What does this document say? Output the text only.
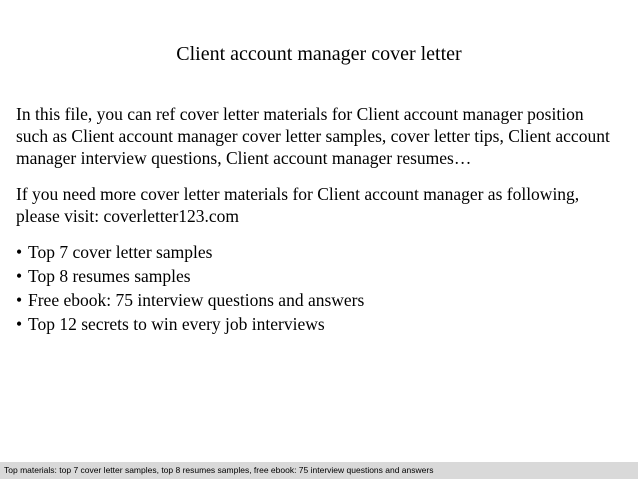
Client account manager cover letter
In this file, you can ref cover letter materials for Client account manager position
such as Client account manager cover letter samples, cover letter tips, Client account
manager interview questions, Client account manager resumes…
If you need more cover letter materials for Client account manager as following,
please visit: coverletter123.com
• Top 7 cover letter samples
• Top 8 resumes samples
• Free ebook: 75 interview questions and answers
• Top 12 secrets to win every job interviews
Top materials: top 7 cover letter samples, top 8 resumes samples, free ebook: 75 interview questions and answers
